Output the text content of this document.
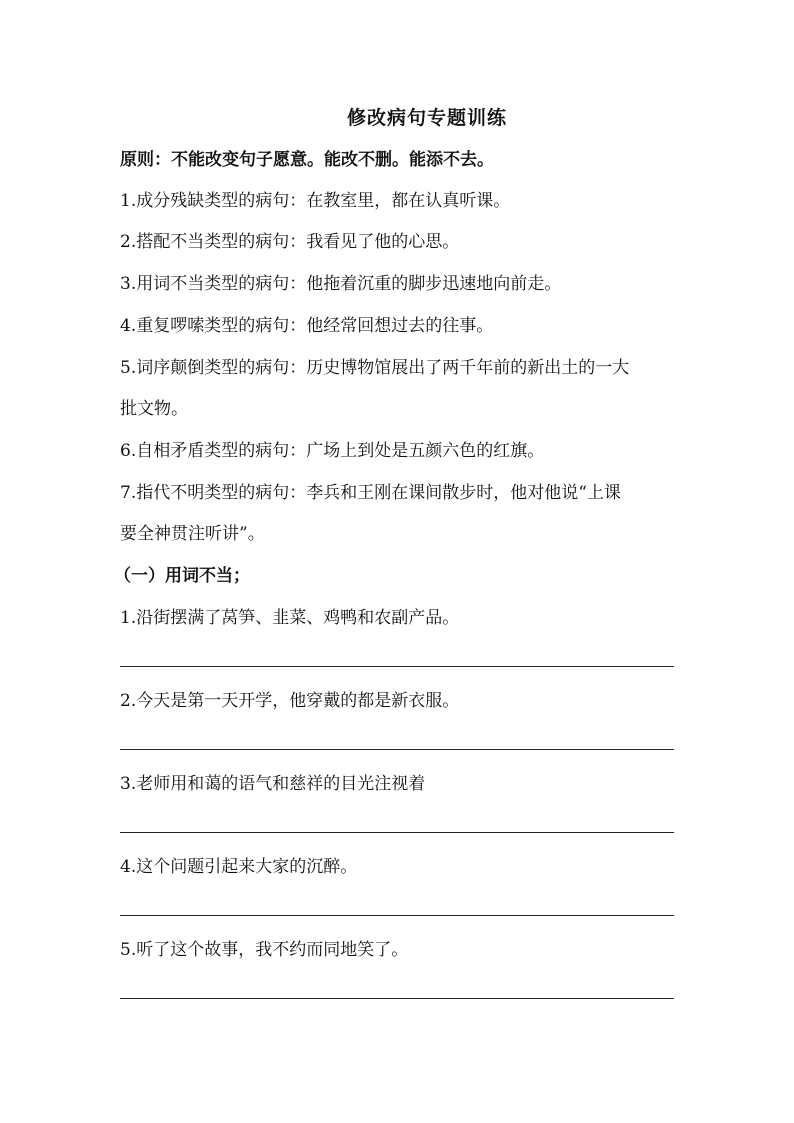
修改病句专题训练
原则：不能改变句子愿意。能改不删。能添不去。
1.成分残缺类型的病句：在教室里，都在认真听课。
2.搭配不当类型的病句：我看见了他的心思。
3.用词不当类型的病句：他拖着沉重的脚步迅速地向前走。
4.重复啰嗦类型的病句：他经常回想过去的往事。
5.词序颠倒类型的病句：历史博物馆展出了两千年前的新出土的一大
批文物。
6.自相矛盾类型的病句：广场上到处是五颜六色的红旗。
7.指代不明类型的病句：李兵和王刚在课间散步时，他对他说“上课
要全神贯注听讲”。
（一）用词不当；
1.沿街摆满了莴笋、韭菜、鸡鸭和农副产品。
2.今天是第一天开学，他穿戴的都是新衣服。
3.老师用和蔼的语气和慈祥的目光注视着
4.这个问题引起来大家的沉醉。
5.听了这个故事，我不约而同地笑了。
